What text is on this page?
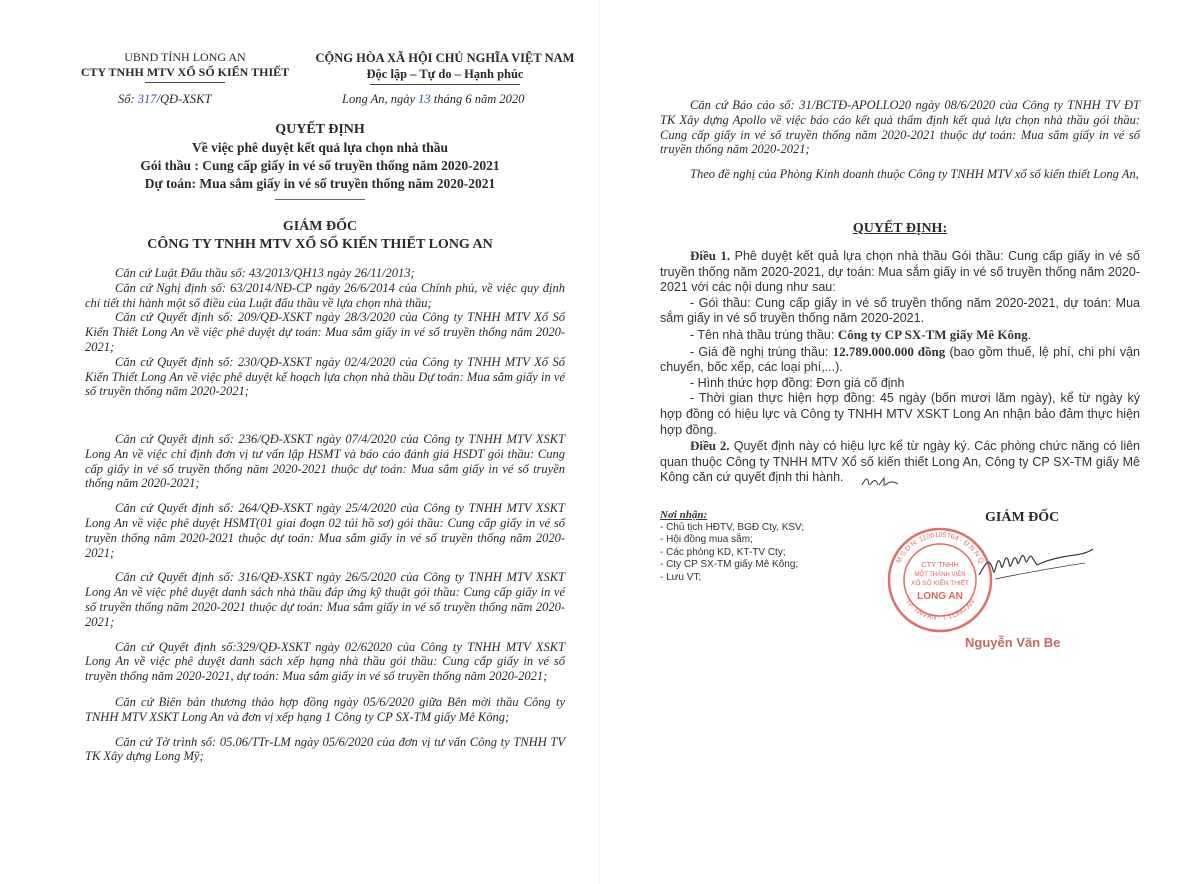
UBND TỈNH LONG AN
CTY TNHH MTV XỔ SỐ KIẾN THIẾT
CỘNG HÒA XÃ HỘI CHỦ NGHĨA VIỆT NAM
Độc lập – Tự do – Hạnh phúc
Số: 317/QĐ-XSKT	Long An, ngày 13 tháng 6 năm 2020
QUYẾT ĐỊNH
Về việc phê duyệt kết quả lựa chọn nhà thầu
Gói thầu : Cung cấp giấy in vé số truyền thống năm 2020-2021
Dự toán: Mua sắm giấy in vé số truyền thống năm 2020-2021
GIÁM ĐỐC
CÔNG TY TNHH MTV XỔ SỐ KIẾN THIẾT LONG AN

Căn cứ Luật Đấu thầu số: 43/2013/QH13 ngày 26/11/2013;

Căn cứ Nghị định số: 63/2014/NĐ-CP ngày 26/6/2014 của Chính phủ, về việc quy định chi tiết thi hành một số điều của Luật đấu thầu về lựa chọn nhà thầu;

Căn cứ Quyết định số: 209/QĐ-XSKT ngày 28/3/2020 của Công ty TNHH MTV Xổ Số Kiến Thiết Long An về việc phê duyệt dự toán: Mua sắm giấy in vé số truyền thống năm 2020-2021;

Căn cứ Quyết định số: 230/QĐ-XSKT ngày 02/4/2020 của Công ty TNHH MTV Xổ Số Kiến Thiết Long An về việc phê duyệt kế hoạch lựa chọn nhà thầu Dự toán: Mua sắm giấy in vé số truyền thống năm 2020-2021;

Căn cứ Quyết định số: 236/QĐ-XSKT ngày 07/4/2020 của Công ty TNHH MTV XSKT Long An về việc chỉ định đơn vị tư vấn lập HSMT và báo cáo đánh giá HSDT gói thầu: Cung cấp giấy in vé số truyền thống năm 2020-2021 thuộc dự toán: Mua sắm giấy in vé số truyền thống năm 2020-2021;

Căn cứ Quyết định số: 264/QĐ-XSKT ngày 25/4/2020 của Công ty TNHH MTV XSKT Long An về việc phê duyệt HSMT(01 giai đoạn 02 túi hồ sơ) gói thầu: Cung cấp giấy in vé số truyền thống năm 2020-2021 thuộc dự toán: Mua sắm giấy in vé số truyền thống năm 2020-2021;

Căn cứ Quyết định số: 316/QĐ-XSKT ngày 26/5/2020 của Công ty TNHH MTV XSKT Long An về việc phê duyệt danh sách nhà thầu đáp ứng kỹ thuật gói thầu: Cung cấp giấy in vé số truyền thống năm 2020-2021 thuộc dự toán: Mua sắm giấy in vé số truyền thống năm 2020-2021;

Căn cứ Quyết định số:329/QĐ-XSKT ngày 02/62020 của Công ty TNHH MTV XSKT Long An về việc phê duyệt danh sách xếp hạng nhà thầu gói thầu: Cung cấp giấy in vé số truyền thống năm 2020-2021, dự toán: Mua sắm giấy in vé số truyền thống năm 2020-2021;

Căn cứ Biên bản thương thảo hợp đồng ngày 05/6/2020 giữa Bên mời thầu Công ty TNHH MTV XSKT Long An và đơn vị xếp hạng 1 Công ty CP SX-TM giấy Mê Kông;

Căn cứ Tờ trình số: 05.06/TTr-LM ngày 05/6/2020 của đơn vị tư vấn Công ty TNHH TV TK Xây dựng Long Mỹ;

Căn cứ Báo cáo số: 31/BCTĐ-APOLLO20 ngày 08/6/2020 của Công ty TNHH TV ĐT TK Xây dựng Apollo về việc báo cáo kết quả thẩm định kết quả lựa chọn nhà thầu gói thầu: Cung cấp giấy in vé số truyền thống năm 2020-2021 thuộc dự toán: Mua sắm giấy in vé số truyền thống năm 2020-2021;

Theo đề nghị của Phòng Kinh doanh thuộc Công ty TNHH MTV xổ số kiến thiết Long An,

QUYẾT ĐỊNH:

Điều 1. Phê duyệt kết quả lựa chọn nhà thầu Gói thầu: Cung cấp giấy in vé số truyền thống năm 2020-2021, dự toán: Mua sắm giấy in vé số truyền thống năm 2020-2021 với các nội dung như sau:

- Gói thầu: Cung cấp giấy in vé số truyền thống năm 2020-2021, dự toán: Mua sắm giấy in vé số truyền thống năm 2020-2021.

- Tên nhà thầu trúng thầu: Công ty CP SX-TM giấy Mê Kông.

- Giá đề nghị trúng thầu: 12.789.000.000 đồng (bao gồm thuế, lệ phí, chi phí vận chuyển, bốc xếp, các loại phí,...).

- Hình thức hợp đồng: Đơn giá cố định

- Thời gian thực hiện hợp đồng: 45 ngày (bốn mươi lăm ngày), kể từ ngày ký hợp đồng có hiệu lực và Công ty TNHH MTV XSKT Long An nhận bảo đảm thực hiện hợp đồng.

Điều 2. Quyết định này có hiệu lực kể từ ngày ký. Các phòng chức năng có liên quan thuộc Công ty TNHH MTV Xổ số kiến thiết Long An, Công ty CP SX-TM giấy Mê Kông căn cứ quyết định thi hành.

Nơi nhận:
- Chủ tịch HĐTV, BGĐ Cty, KSV;
- Hội đồng mua sắm;
- Các phòng KD, KT-TV Cty;
- Cty CP SX-TM giấy Mê Kông;
- Lưu VT;
GIÁM ĐỐC
M.S.D.N: 1100105764 - Đ.N.N.Q
TP. TÂN AN - T. LONG AN
CTY TNHH
MỘT THÀNH VIÊN
XỔ SỐ KIẾN THIẾT
LONG AN
Nguyễn Văn Be
